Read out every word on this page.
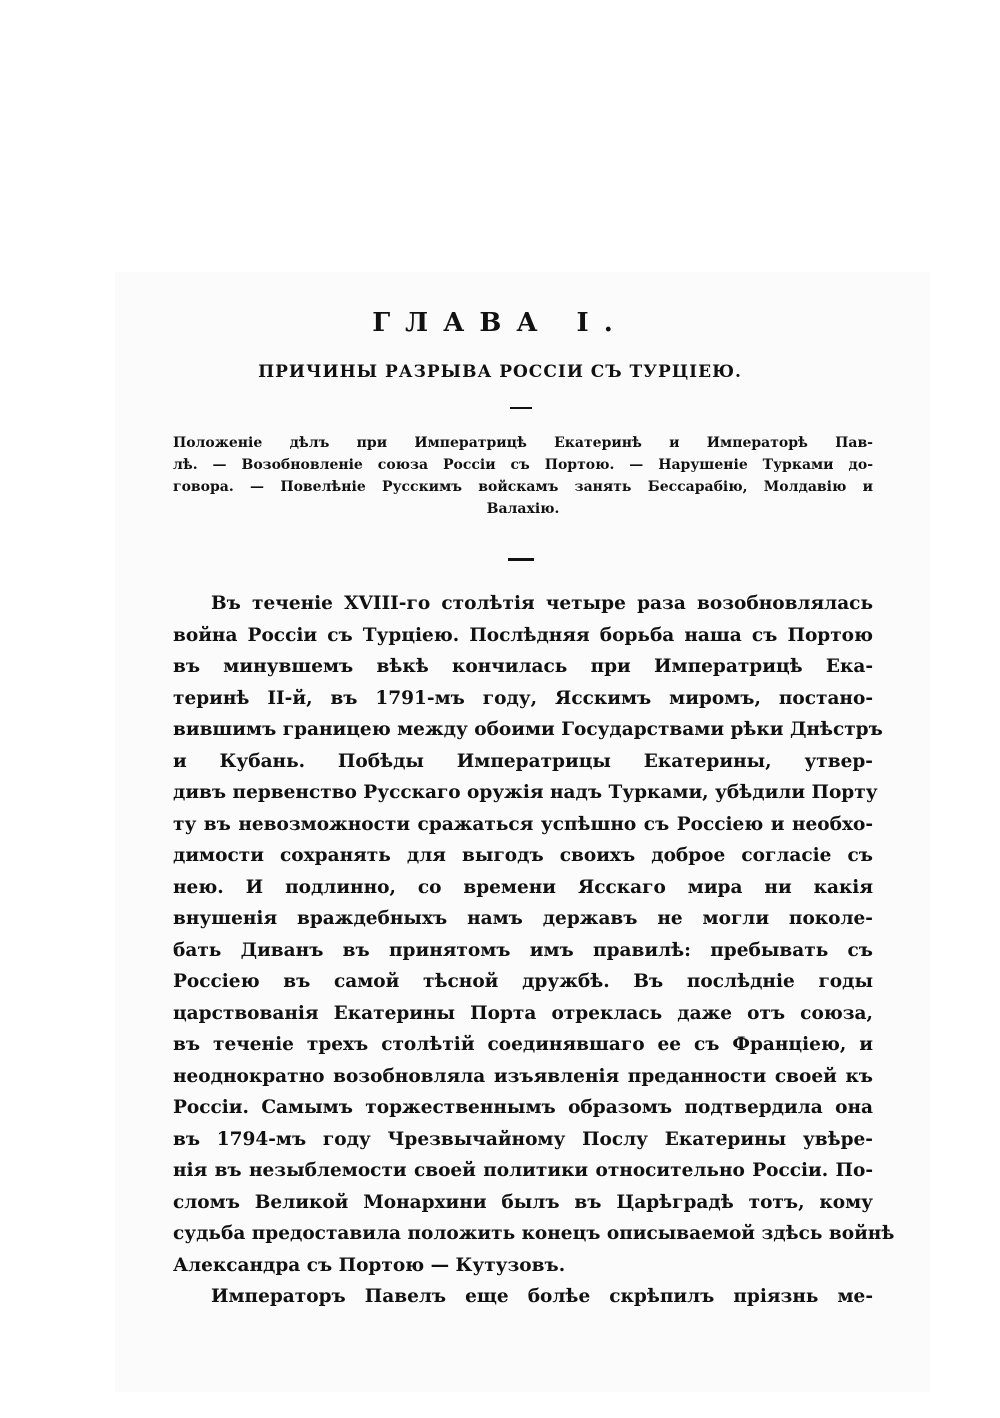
ГЛАВА I.
ПРИЧИНЫ РАЗРЫВА РОССІИ СЪ ТУРЦІЕЮ.
Положеніе дѣлъ при Императрицѣ Екатеринѣ и Императорѣ Пав-
лѣ. — Возобновленіе союза Россіи съ Портою. — Нарушеніе Турками до-
говора. — Повелѣніе Русскимъ войскамъ занять Бессарабію, Молдавію и
Валахію.
Въ теченіе XVIII-го столѣтія четыре раза возобновлялась
война Россіи съ Турціею. Послѣдняя борьба наша съ Портою
въ минувшемъ вѣкѣ кончилась при Императрицѣ Ека-
теринѣ II-й, въ 1791-мъ году, Ясскимъ миромъ, постано-
вившимъ границею между обоими Государствами рѣки Днѣстръ
и Кубань. Побѣды Императрицы Екатерины, утвер-
дивъ первенство Русскаго оружія надъ Турками, убѣдили Порту
ту въ невозможности сражаться успѣшно съ Россіею и необхо-
димости сохранять для выгодъ своихъ доброе согласіе съ
нею. И подлинно, со времени Ясскаго мира ни какія
внушенія враждебныхъ намъ державъ не могли поколе-
бать Диванъ въ принятомъ имъ правилѣ: пребывать съ
Россіею въ самой тѣсной дружбѣ. Въ послѣдніе годы
царствованія Екатерины Порта отреклась даже отъ союза,
въ теченіе трехъ столѣтій соединявшаго ее съ Франціею, и
неоднократно возобновляла изъявленія преданности своей къ
Россіи. Самымъ торжественнымъ образомъ подтвердила она
въ 1794-мъ году Чрезвычайному Послу Екатерины увѣре-
нія въ незыблемости своей политики относительно Россіи. По-
сломъ Великой Монархини былъ въ Царѣградѣ тотъ, кому
судьба предоставила положить конецъ описываемой здѣсь войнѣ
Александра съ Портою — Кутузовъ.
Императоръ Павелъ еще болѣе скрѣпилъ пріязнь ме-
